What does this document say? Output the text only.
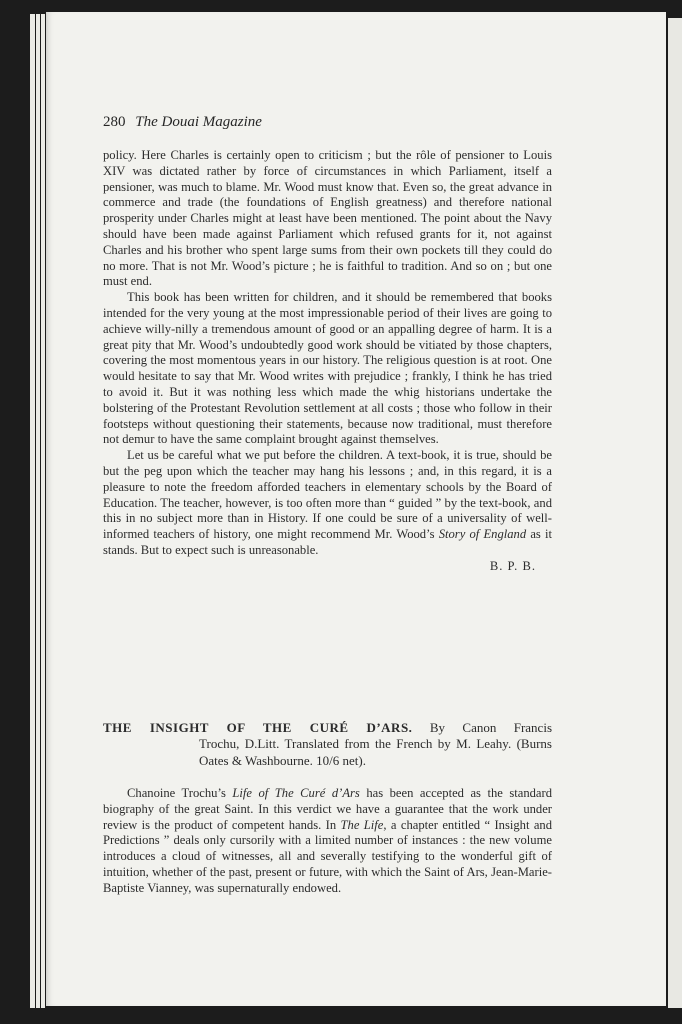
280 The Douai Magazine

policy. Here Charles is certainly open to criticism ; but the rôle of pensioner to Louis XIV was dictated rather by force of circumstances in which Parliament, itself a pensioner, was much to blame. Mr. Wood must know that. Even so, the great advance in commerce and trade (the foundations of English greatness) and therefore national prosperity under Charles might at least have been mentioned. The point about the Navy should have been made against Parliament which refused grants for it, not against Charles and his brother who spent large sums from their own pockets till they could do no more. That is not Mr. Wood’s picture ; he is faithful to tradition. And so on ; but one must end.

This book has been written for children, and it should be remembered that books intended for the very young at the most impressionable period of their lives are going to achieve willy-nilly a tremendous amount of good or an appalling degree of harm. It is a great pity that Mr. Wood’s undoubtedly good work should be vitiated by those chapters, covering the most momentous years in our history. The religious question is at root. One would hesitate to say that Mr. Wood writes with prejudice ; frankly, I think he has tried to avoid it. But it was nothing less which made the whig historians undertake the bolstering of the Protestant Revolution settlement at all costs ; those who follow in their footsteps without questioning their statements, because now traditional, must therefore not demur to have the same complaint brought against themselves.

Let us be careful what we put before the children. A text-book, it is true, should be but the peg upon which the teacher may hang his lessons ; and, in this regard, it is a pleasure to note the freedom afforded teachers in elementary schools by the Board of Education. The teacher, however, is too often more than “ guided ” by the text-book, and this in no subject more than in History. If one could be sure of a universality of well-informed teachers of history, one might recommend Mr. Wood’s Story of England as it stands. But to expect such is unreasonable.

B. P. B.

THE INSIGHT OF THE CURÉ D’ARS. By Canon Francis
Trochu, D.Litt. Translated from the French by M. Leahy. (Burns Oates & Washbourne. 10/6 net).

Chanoine Trochu’s Life of The Curé d’Ars has been accepted as the standard biography of the great Saint. In this verdict we have a guarantee that the work under review is the product of competent hands. In The Life, a chapter entitled “ Insight and Predictions ” deals only cursorily with a limited number of instances : the new volume introduces a cloud of witnesses, all and severally testifying to the wonderful gift of intuition, whether of the past, present or future, with which the Saint of Ars, Jean-Marie-Baptiste Vianney, was supernaturally endowed.
